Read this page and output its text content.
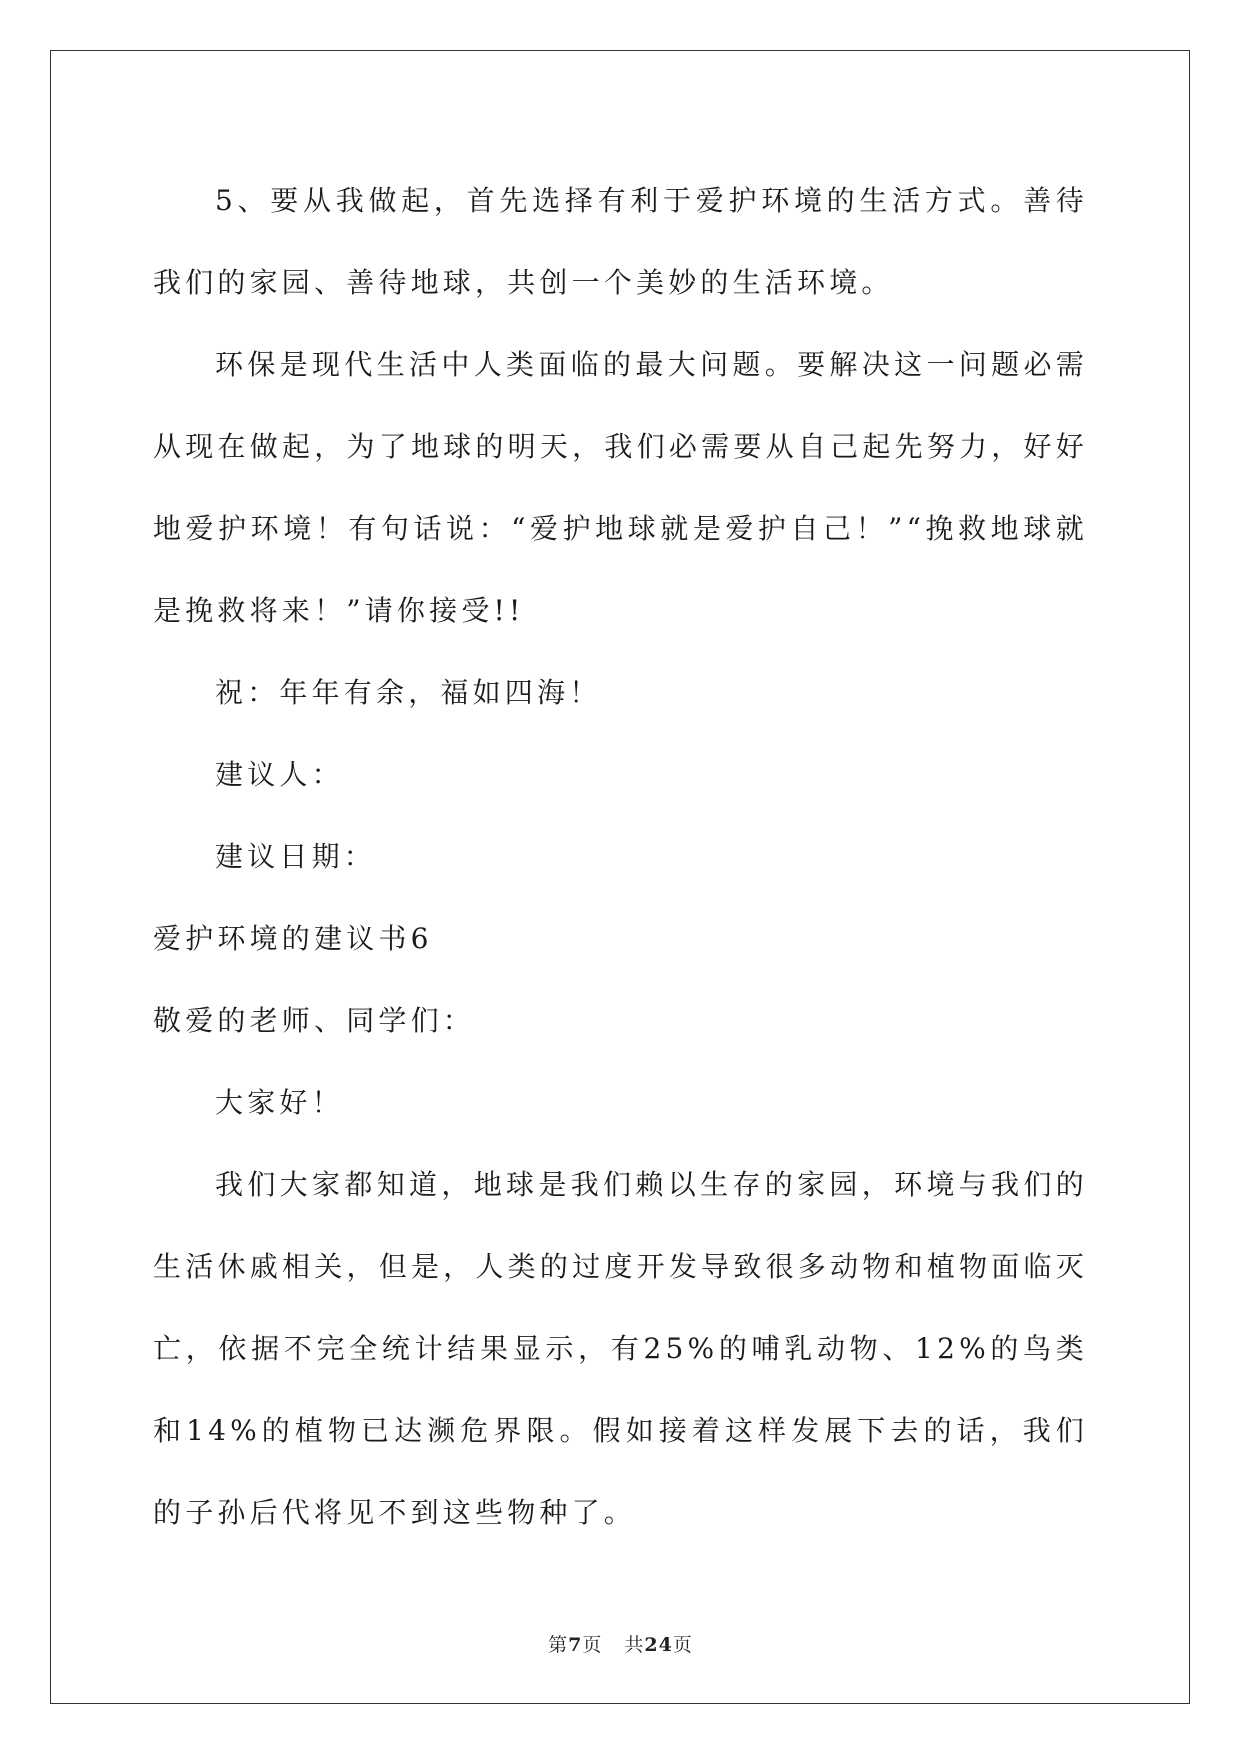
5、要从我做起，首先选择有利于爱护环境的生活方式。善待我们的家园、善待地球，共创一个美妙的生活环境。

环保是现代生活中人类面临的最大问题。要解决这一问题必需从现在做起，为了地球的明天，我们必需要从自己起先努力，好好地爱护环境！有句话说：“爱护地球就是爱护自己！”“挽救地球就是挽救将来！”请你接受!!

祝：年年有余，福如四海！

建议人：

建议日期：

爱护环境的建议书6

敬爱的老师、同学们：

大家好！

我们大家都知道，地球是我们赖以生存的家园，环境与我们的生活休戚相关，但是，人类的过度开发导致很多动物和植物面临灭亡，依据不完全统计结果显示，有25%的哺乳动物、12%的鸟类和14%的植物已达濒危界限。假如接着这样发展下去的话，我们的子孙后代将见不到这些物种了。

第7页 共24页
